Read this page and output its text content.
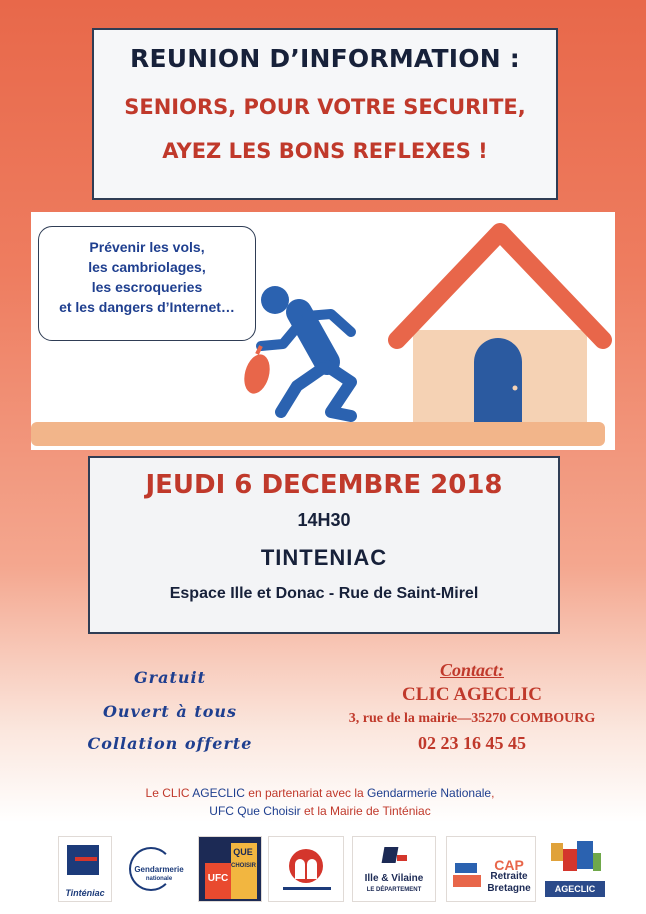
REUNION D’INFORMATION :
SENIORS, POUR VOTRE SECURITE,
AYEZ LES BONS REFLEXES !
Prévenir les vols,
les cambriolages,
les escroqueries
et les dangers d’Internet…
JEUDI 6 DECEMBRE 2018
14H30
TINTENIAC
Espace Ille et Donac - Rue de Saint-Mirel
Gratuit
Ouvert à tous
Collation offerte
Contact:
CLIC AGECLIC
3, rue de la mairie—35270 COMBOURG
02 23 16 45 45
Le CLIC AGECLIC en partenariat avec la Gendarmerie Nationale,
UFC Que Choisir et la Mairie de Tinténiac
Tinténiac
Gendarmerie
nationale	UFC
QUE
CHOISIR
Ille & Vilaine
LE DÉPARTEMENT
CAP
Retraite
Bretagne	AGECLIC
